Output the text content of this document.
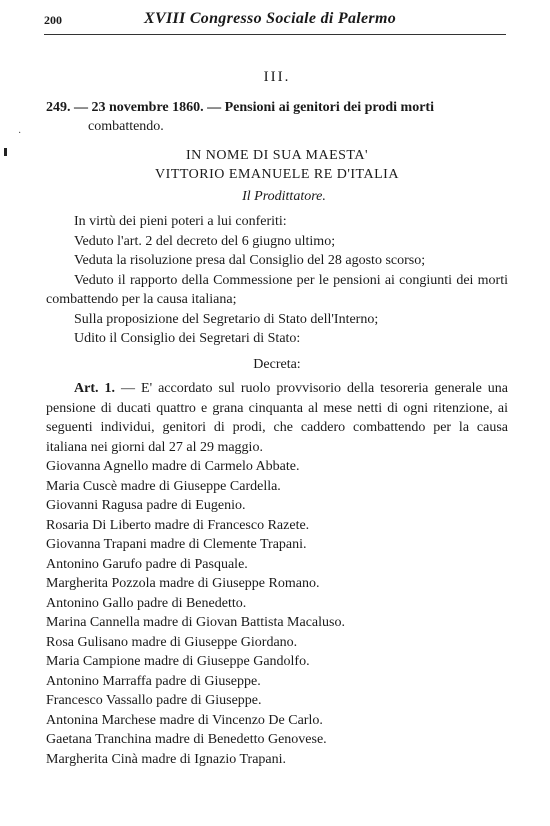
200	XVIII Congresso Sociale di Palermo
·
III.

249. — 23 novembre 1860. — Pensioni ai genitori dei prodi morti

combattendo.
IN NOME DI SUA MAESTA'
VITTORIO EMANUELE RE D'ITALIA
Il Prodittatore.

In virtù dei pieni poteri a lui conferiti:

Veduto l'art. 2 del decreto del 6 giugno ultimo;

Veduta la risoluzione presa dal Consiglio del 28 agosto scorso;

Veduto il rapporto della Commessione per le pensioni ai congiunti dei morti combattendo per la causa italiana;

Sulla proposizione del Segretario di Stato dell'Interno;

Udito il Consiglio dei Segretari di Stato:

Decreta:

Art. 1. — E' accordato sul ruolo provvisorio della tesoreria generale una pensione di ducati quattro e grana cinquanta al mese netti di ogni ritenzione, ai seguenti individui, genitori di prodi, che caddero combattendo per la causa italiana nei giorni dal 27 al 29 maggio.

Giovanna Agnello madre di Carmelo Abbate.
Maria Cuscè madre di Giuseppe Cardella.
Giovanni Ragusa padre di Eugenio.
Rosaria Di Liberto madre di Francesco Razete.
Giovanna Trapani madre di Clemente Trapani.
Antonino Garufo padre di Pasquale.
Margherita Pozzola madre di Giuseppe Romano.
Antonino Gallo padre di Benedetto.
Marina Cannella madre di Giovan Battista Macaluso.
Rosa Gulisano madre di Giuseppe Giordano.
Maria Campione madre di Giuseppe Gandolfo.
Antonino Marraffa padre di Giuseppe.
Francesco Vassallo padre di Giuseppe.
Antonina Marchese madre di Vincenzo De Carlo.
Gaetana Tranchina madre di Benedetto Genovese.
Margherita Cinà madre di Ignazio Trapani.
